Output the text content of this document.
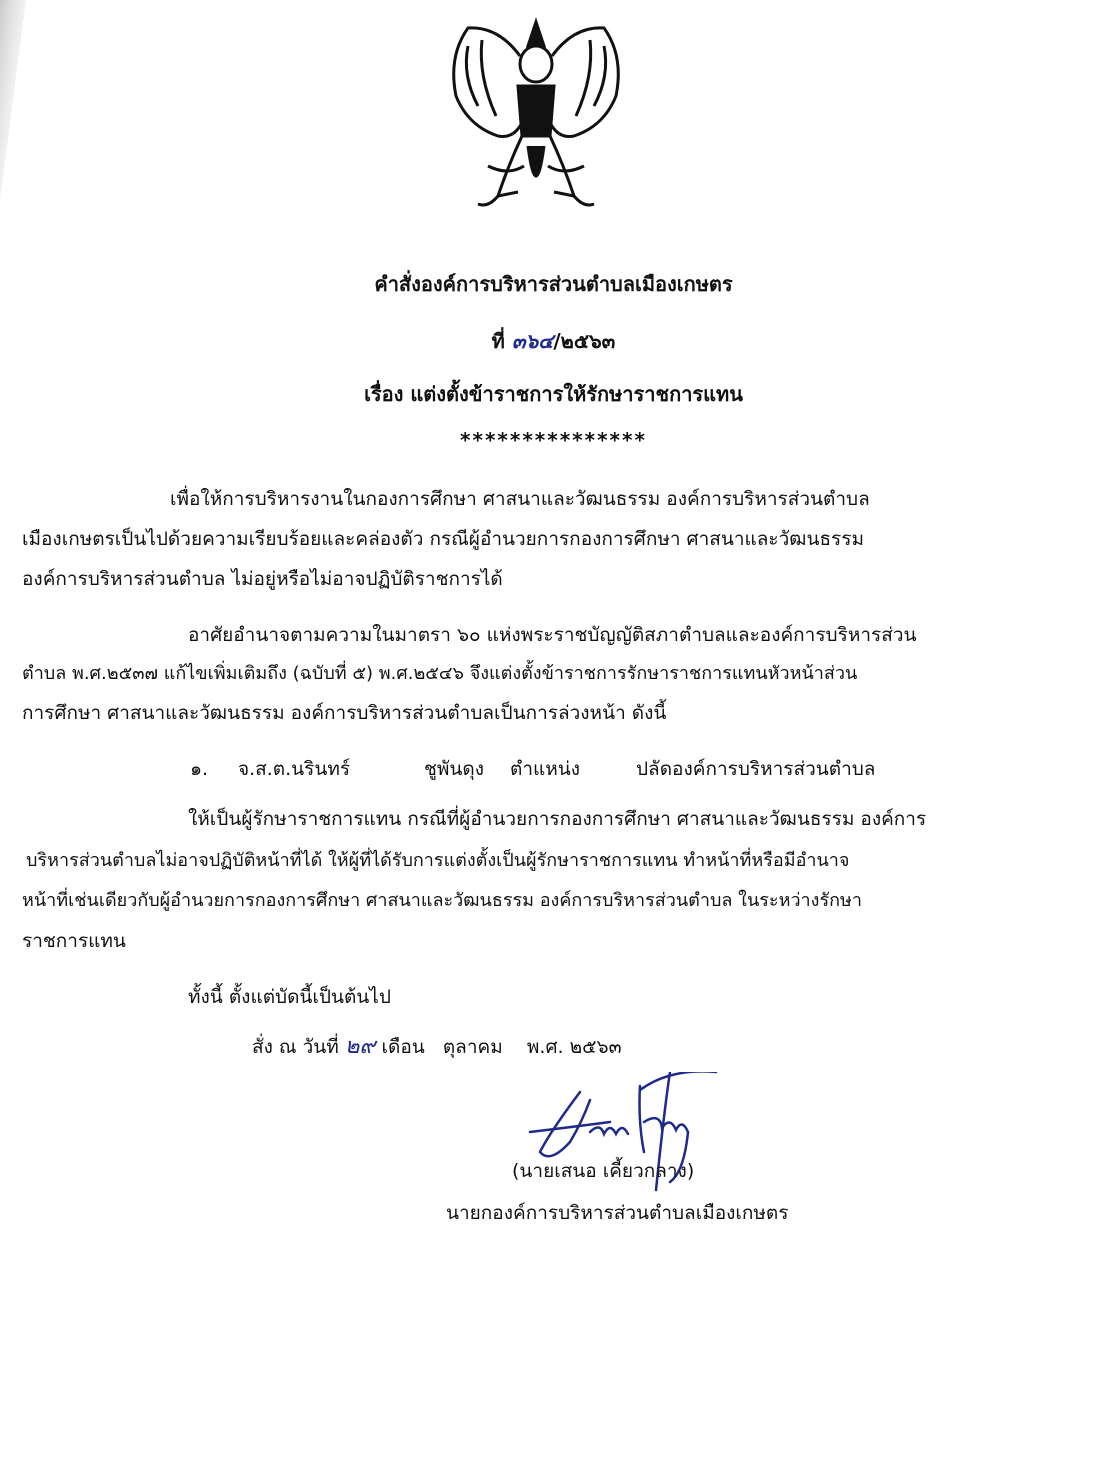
คำสั่งองค์การบริหารส่วนตำบลเมืองเกษตร
ที่ ๓๖๔/๒๕๖๓
เรื่อง แต่งตั้งข้าราชการให้รักษาราชการแทน
***************
เพื่อให้การบริหารงานในกองการศึกษา ศาสนาและวัฒนธรรม องค์การบริหารส่วนตำบล
เมืองเกษตรเป็นไปด้วยความเรียบร้อยและคล่องตัว กรณีผู้อำนวยการกองการศึกษา ศาสนาและวัฒนธรรม
องค์การบริหารส่วนตำบล ไม่อยู่หรือไม่อาจปฏิบัติราชการได้
อาศัยอำนาจตามความในมาตรา ๖๐ แห่งพระราชบัญญัติสภาตำบลและองค์การบริหารส่วน
ตำบล พ.ศ.๒๕๓๗ แก้ไขเพิ่มเติมถึง (ฉบับที่ ๕) พ.ศ.๒๕๔๖ จึงแต่งตั้งข้าราชการรักษาราชการแทนหัวหน้าส่วน
การศึกษา ศาสนาและวัฒนธรรม องค์การบริหารส่วนตำบลเป็นการล่วงหน้า ดังนี้
๑. จ.ส.ต.นรินทร์	ชูพันดุง ตำแหน่ง	ปลัดองค์การบริหารส่วนตำบล
ให้เป็นผู้รักษาราชการแทน กรณีที่ผู้อำนวยการกองการศึกษา ศาสนาและวัฒนธรรม องค์การ
บริหารส่วนตำบลไม่อาจปฏิบัติหน้าที่ได้ ให้ผู้ที่ได้รับการแต่งตั้งเป็นผู้รักษาราชการแทน ทำหน้าที่หรือมีอำนาจ
หน้าที่เช่นเดียวกับผู้อำนวยการกองการศึกษา ศาสนาและวัฒนธรรม องค์การบริหารส่วนตำบล ในระหว่างรักษา
ราชการแทน
ทั้งนี้ ตั้งแต่บัดนี้เป็นต้นไป
สั่ง ณ วันที่ ๒๙ เดือน ตุลาคม พ.ศ. ๒๕๖๓
(นายเสนอ เคี้ยวกลาง)
นายกองค์การบริหารส่วนตำบลเมืองเกษตร
